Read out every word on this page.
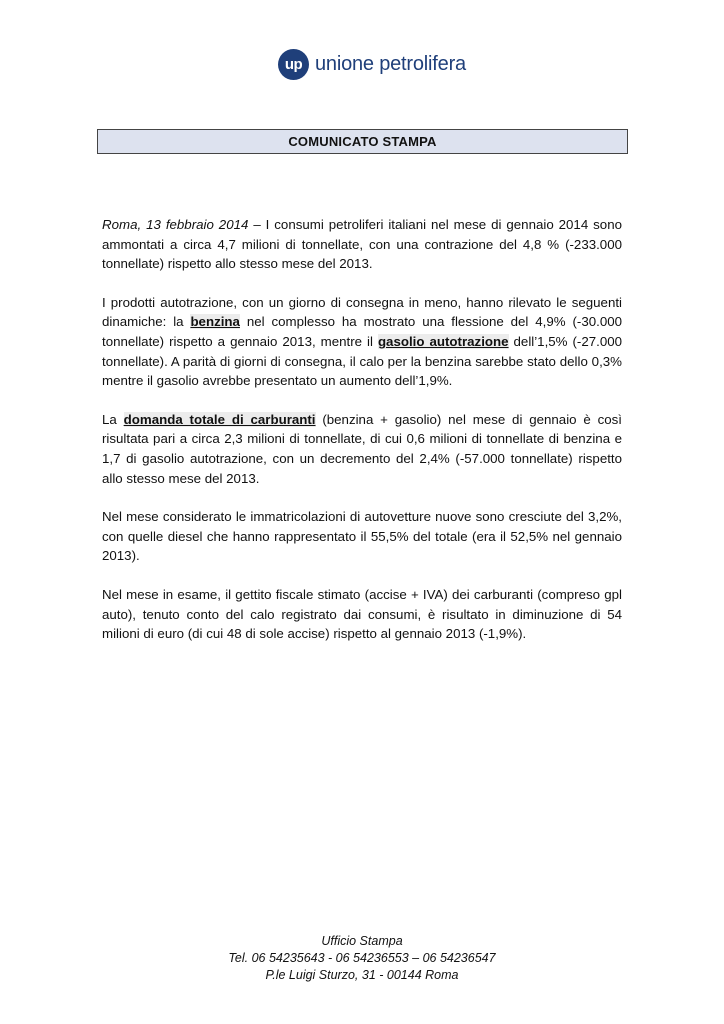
up unione petrolifera
COMUNICATO STAMPA

Roma, 13 febbraio 2014 – I consumi petroliferi italiani nel mese di gennaio 2014 sono ammontati a circa 4,7 milioni di tonnellate, con una contrazione del 4,8 % (-233.000 tonnellate) rispetto allo stesso mese del 2013.

I prodotti autotrazione, con un giorno di consegna in meno, hanno rilevato le seguenti dinamiche: la benzina nel complesso ha mostrato una flessione del 4,9% (-30.000 tonnellate) rispetto a gennaio 2013, mentre il gasolio autotrazione dell’1,5% (-27.000 tonnellate). A parità di giorni di consegna, il calo per la benzina sarebbe stato dello 0,3% mentre il gasolio avrebbe presentato un aumento dell’1,9%.

La domanda totale di carburanti (benzina + gasolio) nel mese di gennaio è così risultata pari a circa 2,3 milioni di tonnellate, di cui 0,6 milioni di tonnellate di benzina e 1,7 di gasolio autotrazione, con un decremento del 2,4% (-57.000 tonnellate) rispetto allo stesso mese del 2013.

Nel mese considerato le immatricolazioni di autovetture nuove sono cresciute del 3,2%, con quelle diesel che hanno rappresentato il 55,5% del totale (era il 52,5% nel gennaio 2013).

Nel mese in esame, il gettito fiscale stimato (accise + IVA) dei carburanti (compreso gpl auto), tenuto conto del calo registrato dai consumi, è risultato in diminuzione di 54 milioni di euro (di cui 48 di sole accise) rispetto al gennaio 2013 (-1,9%).

Ufficio Stampa
Tel. 06 54235643 - 06 54236553 – 06 54236547
P.le Luigi Sturzo, 31 - 00144 Roma
